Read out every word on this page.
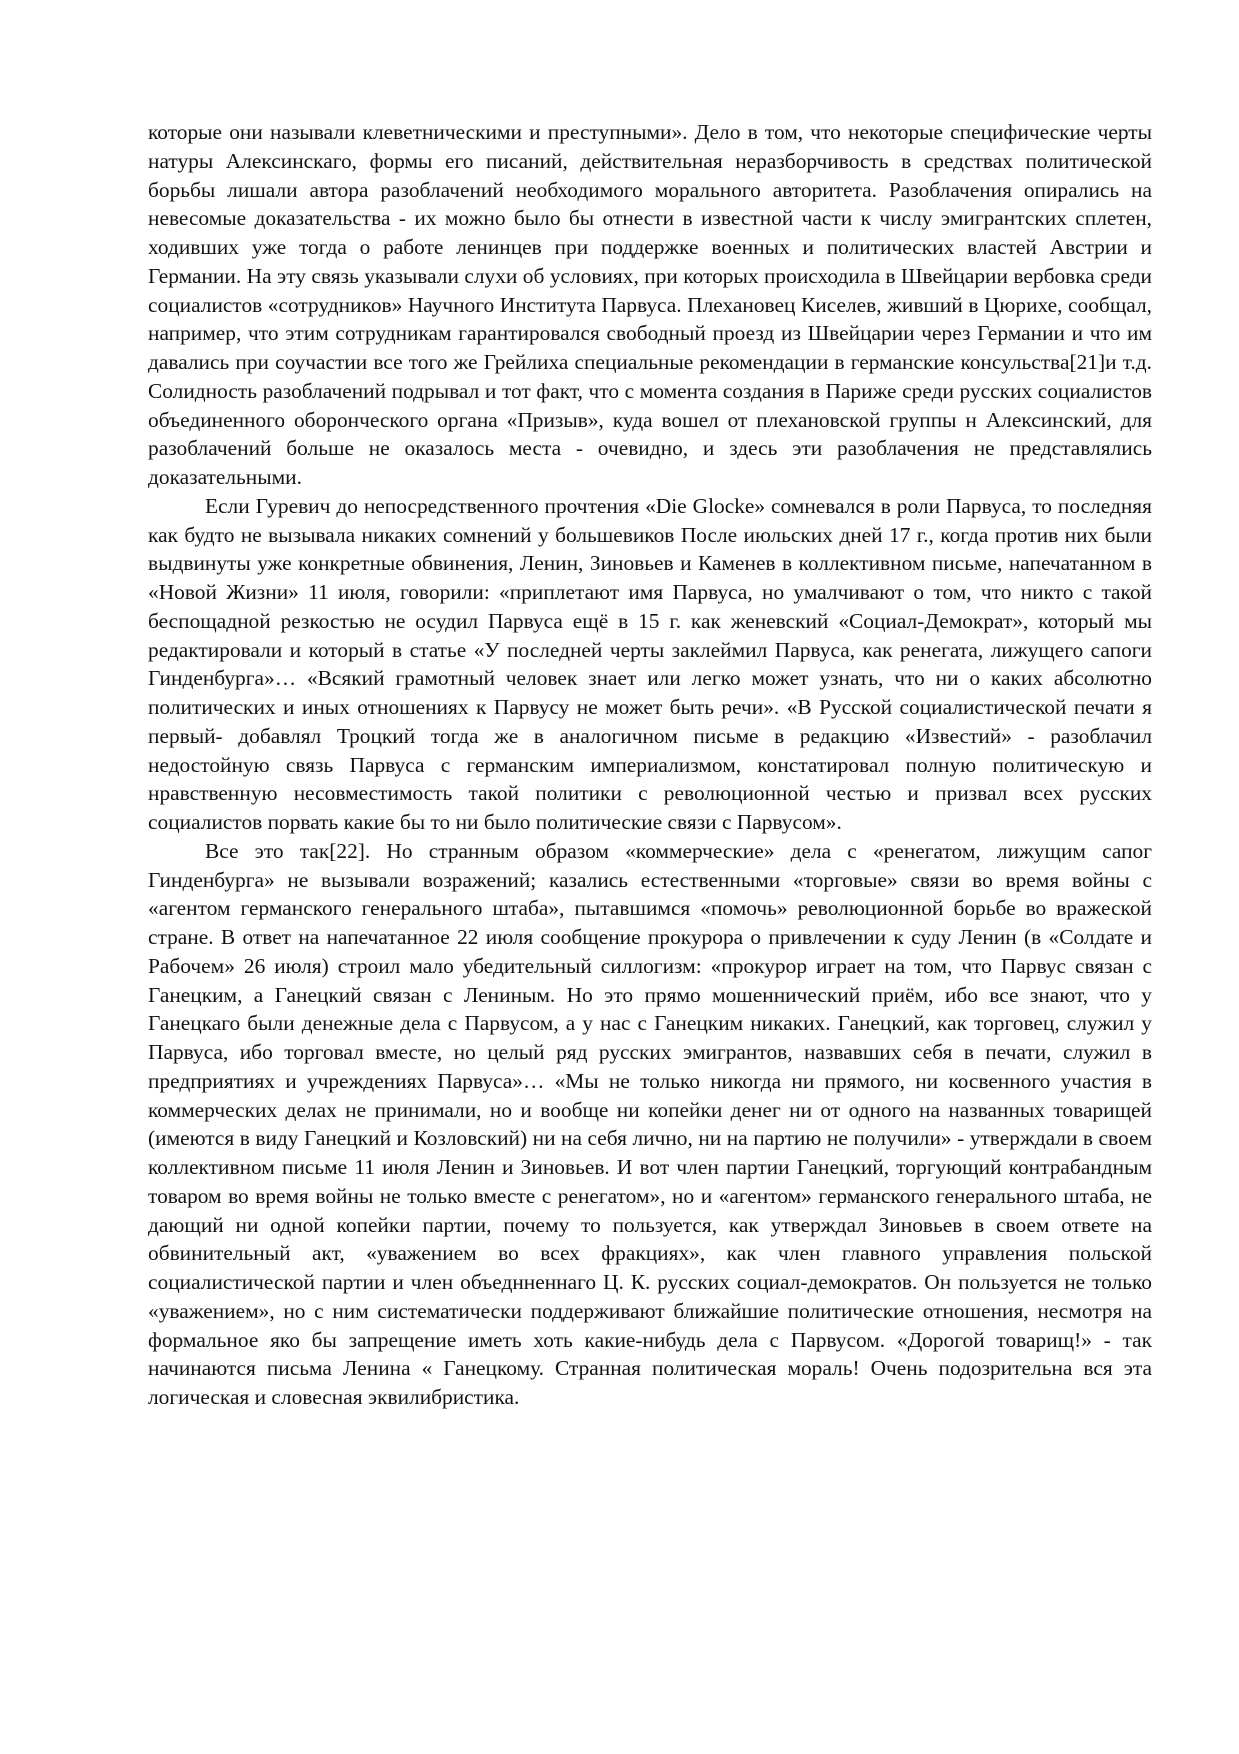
которые они называли клеветническими и преступными». Дело в том, что некоторые специфические черты натуры Алексинскаго, формы его писаний, действительная неразборчивость в средствах политической борьбы лишали автора разоблачений необходимого морального авторитета. Разоблачения опирались на невесомые доказательства - их можно было бы отнести в известной части к числу эмигрантских сплетен, ходивших уже тогда о работе ленинцев при поддержке военных и политических властей Австрии и Германии. На эту связь указывали слухи об условиях, при которых происходила в Швейцарии вербовка среди социалистов «сотрудников» Научного Института Парвуса. Плехановец Киселев, живший в Цюрихе, сообщал, например, что этим сотрудникам гарантировался свободный проезд из Швейцарии через Германии и что им давались при соучастии все того же Грейлиха специальные рекомендации в германские консульства[21]и т.д. Солидность разоблачений подрывал и тот факт, что с момента создания в Париже среди русских социалистов объединенного оборонческого органа «Призыв», куда вошел от плехановской группы н Алексинский, для разоблачений больше не оказалось места - очевидно, и здесь эти разоблачения не представлялись доказательными.

Если Гуревич до непосредственного прочтения «Die Glocke» сомневался в роли Парвуса, то последняя как будто не вызывала никаких сомнений у большевиков После июльских дней 17 г., когда против них были выдвинуты уже конкретные обвинения, Ленин, Зиновьев и Каменев в коллективном письме, напечатанном в «Новой Жизни» 11 июля, говорили: «приплетают имя Парвуса, но умалчивают о том, что никто с такой беспощадной резкостью не осудил Парвуса ещё в 15 г. как женевский «Социал-Демократ», который мы редактировали и который в статье «У последней черты заклеймил Парвуса, как ренегата, лижущего сапоги Гинденбурга»… «Всякий грамотный человек знает или легко может узнать, что ни о каких абсолютно политических и иных отношениях к Парвусу не может быть речи». «В Русской социалистической печати я первый- добавлял Троцкий тогда же в аналогичном письме в редакцию «Известий» - разоблачил недостойную связь Парвуса с германским империализмом, констатировал полную политическую и нравственную несовместимость такой политики с революционной честью и призвал всех русских социалистов порвать какие бы то ни было политические связи с Парвусом».

Все это так[22]. Но странным образом «коммерческие» дела с «ренегатом, лижущим сапог Гинденбурга» не вызывали возражений; казались естественными «торговые» связи во время войны с «агентом германского генерального штаба», пытавшимся «помочь» революционной борьбе во вражеской стране. В ответ на напечатанное 22 июля сообщение прокурора о привлечении к суду Ленин (в «Солдате и Рабочем» 26 июля) строил мало убедительный силлогизм: «прокурор играет на том, что Парвус связан с Ганецким, а Ганецкий связан с Лениным. Но это прямо мошеннический приём, ибо все знают, что у Ганецкаго были денежные дела с Парвусом, а у нас с Ганецким никаких. Ганецкий, как торговец, служил у Парвуса, ибо торговал вместе, но целый ряд русских эмигрантов, назвавших себя в печати, служил в предприятиях и учреждениях Парвуса»… «Мы не только никогда ни прямого, ни косвенного участия в коммерческих делах не принимали, но и вообще ни копейки денег ни от одного на названных товарищей (имеются в виду Ганецкий и Козловский) ни на себя лично, ни на партию не получили» - утверждали в своем коллективном письме 11 июля Ленин и Зиновьев. И вот член партии Ганецкий, торгующий контрабандным товаром во время войны не только вместе с ренегатом», но и «агентом» германского генерального штаба, не дающий ни одной копейки партии, почему то пользуется, как утверждал Зиновьев в своем ответе на обвинительный акт, «уважением во всех фракциях», как член главного управления польской социалистической партии и член объеднненнаго Ц. К. русских социал-демократов. Он пользуется не только «уважением», но с ним систематически поддерживают ближайшие политические отношения, несмотря на формальное яко бы запрещение иметь хоть какие-нибудь дела с Парвусом. «Дорогой товарищ!» - так начинаются письма Ленина « Ганецкому. Странная политическая мораль! Очень подозрительна вся эта логическая и словесная эквилибристика.
